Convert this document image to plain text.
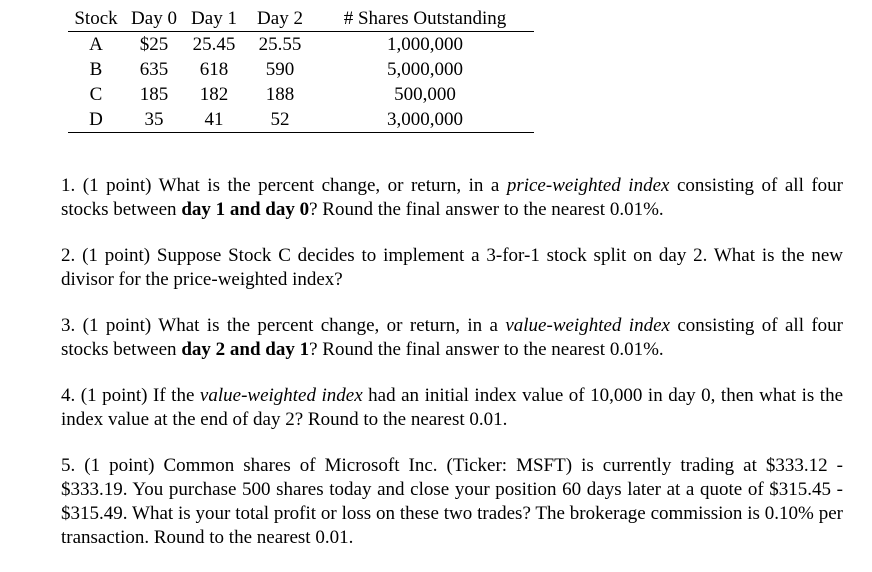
Stock	Day 0	Day 1	Day 2	# Shares Outstanding
A	$25	25.45	25.55	1,000,000
B	635	618	590	5,000,000
C	185	182	188	500,000
D	35	41	52	3,000,000

1. (1 point) What is the percent change, or return, in a price-weighted index consisting of all four stocks between day 1 and day 0? Round the final answer to the nearest 0.01%.

2. (1 point) Suppose Stock C decides to implement a 3-for-1 stock split on day 2. What is the new divisor for the price-weighted index?

3. (1 point) What is the percent change, or return, in a value-weighted index consisting of all four stocks between day 2 and day 1? Round the final answer to the nearest 0.01%.

4. (1 point) If the value-weighted index had an initial index value of 10,000 in day 0, then what is the index value at the end of day 2? Round to the nearest 0.01.

5. (1 point) Common shares of Microsoft Inc. (Ticker: MSFT) is currently trading at $333.12 - $333.19. You purchase 500 shares today and close your position 60 days later at a quote of $315.45 - $315.49. What is your total profit or loss on these two trades? The brokerage commission is 0.10% per transaction. Round to the nearest 0.01.
